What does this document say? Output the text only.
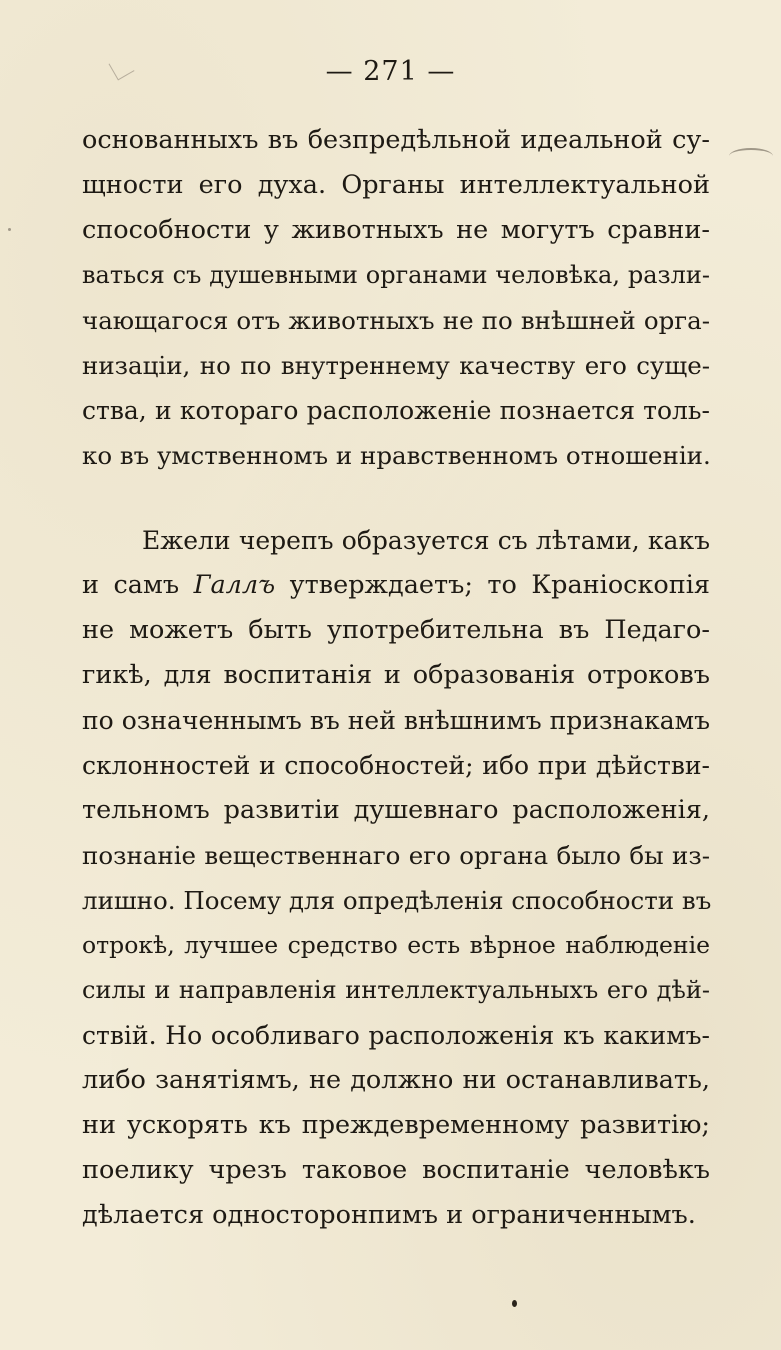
— 271 —
основанныхъ въ безпредѣльной идеальной су-
щности его духа. Органы интеллектуальной
способности у животныхъ не могутъ сравни-
ваться съ душевными органами человѣка, разли-
чающагося отъ животныхъ не по внѣшней орга-
низаціи, но по внутреннему качеству его суще-
ства, и котораго расположеніе познается толь-
ко въ умственномъ и нравственномъ отношеніи.
Ежели черепъ образуется съ лѣтами, какъ
и самъ Галлъ утверждаетъ; то Краніоскопія
не можетъ быть употребительна въ Педаго-
гикѣ, для воспитанія и образованія отроковъ
по означеннымъ въ ней внѣшнимъ признакамъ
склонностей и способностей; ибо при дѣйстви-
тельномъ развитіи душевнаго расположенія,
познаніе вещественнаго его органа было бы из-
лишно. Посему для опредѣленія способности въ
отрокѣ, лучшее средство есть вѣрное наблюденіе
силы и направленія интеллектуальныхъ его дѣй-
ствій. Но особливаго расположенія къ какимъ-
либо занятіямъ, не должно ни останавливать,
ни ускорять къ преждевременному развитію;
поелику чрезъ таковое воспитаніе человѣкъ
дѣлается односторонпимъ и ограниченнымъ.
